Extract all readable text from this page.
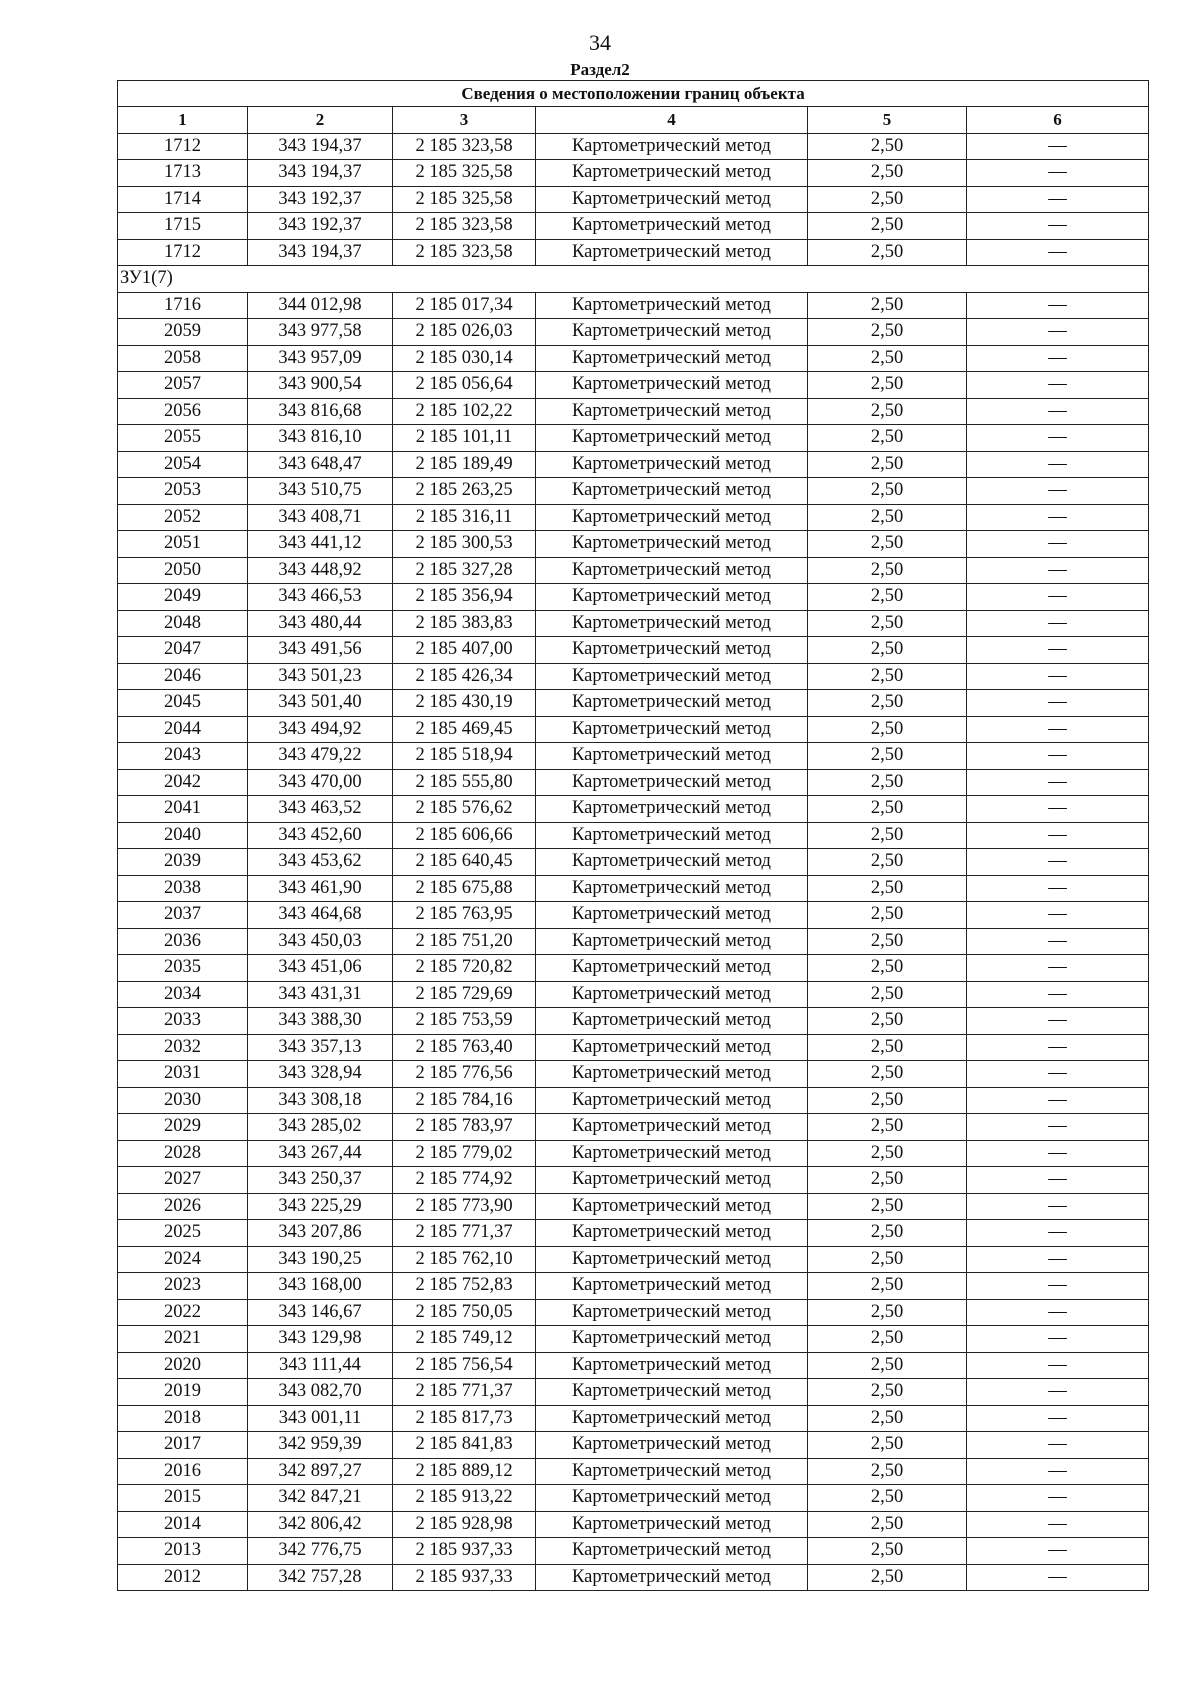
34
Раздел2
Сведения о местоположении границ объекта					
1	2	3	4	5	6
1712	343 194,37	2 185 323,58	Картометрический метод	2,50	—
1713	343 194,37	2 185 325,58	Картометрический метод	2,50	—
1714	343 192,37	2 185 325,58	Картометрический метод	2,50	—
1715	343 192,37	2 185 323,58	Картометрический метод	2,50	—
1712	343 194,37	2 185 323,58	Картометрический метод	2,50	—
ЗУ1(7)					
1716	344 012,98	2 185 017,34	Картометрический метод	2,50	—
2059	343 977,58	2 185 026,03	Картометрический метод	2,50	—
2058	343 957,09	2 185 030,14	Картометрический метод	2,50	—
2057	343 900,54	2 185 056,64	Картометрический метод	2,50	—
2056	343 816,68	2 185 102,22	Картометрический метод	2,50	—
2055	343 816,10	2 185 101,11	Картометрический метод	2,50	—
2054	343 648,47	2 185 189,49	Картометрический метод	2,50	—
2053	343 510,75	2 185 263,25	Картометрический метод	2,50	—
2052	343 408,71	2 185 316,11	Картометрический метод	2,50	—
2051	343 441,12	2 185 300,53	Картометрический метод	2,50	—
2050	343 448,92	2 185 327,28	Картометрический метод	2,50	—
2049	343 466,53	2 185 356,94	Картометрический метод	2,50	—
2048	343 480,44	2 185 383,83	Картометрический метод	2,50	—
2047	343 491,56	2 185 407,00	Картометрический метод	2,50	—
2046	343 501,23	2 185 426,34	Картометрический метод	2,50	—
2045	343 501,40	2 185 430,19	Картометрический метод	2,50	—
2044	343 494,92	2 185 469,45	Картометрический метод	2,50	—
2043	343 479,22	2 185 518,94	Картометрический метод	2,50	—
2042	343 470,00	2 185 555,80	Картометрический метод	2,50	—
2041	343 463,52	2 185 576,62	Картометрический метод	2,50	—
2040	343 452,60	2 185 606,66	Картометрический метод	2,50	—
2039	343 453,62	2 185 640,45	Картометрический метод	2,50	—
2038	343 461,90	2 185 675,88	Картометрический метод	2,50	—
2037	343 464,68	2 185 763,95	Картометрический метод	2,50	—
2036	343 450,03	2 185 751,20	Картометрический метод	2,50	—
2035	343 451,06	2 185 720,82	Картометрический метод	2,50	—
2034	343 431,31	2 185 729,69	Картометрический метод	2,50	—
2033	343 388,30	2 185 753,59	Картометрический метод	2,50	—
2032	343 357,13	2 185 763,40	Картометрический метод	2,50	—
2031	343 328,94	2 185 776,56	Картометрический метод	2,50	—
2030	343 308,18	2 185 784,16	Картометрический метод	2,50	—
2029	343 285,02	2 185 783,97	Картометрический метод	2,50	—
2028	343 267,44	2 185 779,02	Картометрический метод	2,50	—
2027	343 250,37	2 185 774,92	Картометрический метод	2,50	—
2026	343 225,29	2 185 773,90	Картометрический метод	2,50	—
2025	343 207,86	2 185 771,37	Картометрический метод	2,50	—
2024	343 190,25	2 185 762,10	Картометрический метод	2,50	—
2023	343 168,00	2 185 752,83	Картометрический метод	2,50	—
2022	343 146,67	2 185 750,05	Картометрический метод	2,50	—
2021	343 129,98	2 185 749,12	Картометрический метод	2,50	—
2020	343 111,44	2 185 756,54	Картометрический метод	2,50	—
2019	343 082,70	2 185 771,37	Картометрический метод	2,50	—
2018	343 001,11	2 185 817,73	Картометрический метод	2,50	—
2017	342 959,39	2 185 841,83	Картометрический метод	2,50	—
2016	342 897,27	2 185 889,12	Картометрический метод	2,50	—
2015	342 847,21	2 185 913,22	Картометрический метод	2,50	—
2014	342 806,42	2 185 928,98	Картометрический метод	2,50	—
2013	342 776,75	2 185 937,33	Картометрический метод	2,50	—
2012	342 757,28	2 185 937,33	Картометрический метод	2,50	—
